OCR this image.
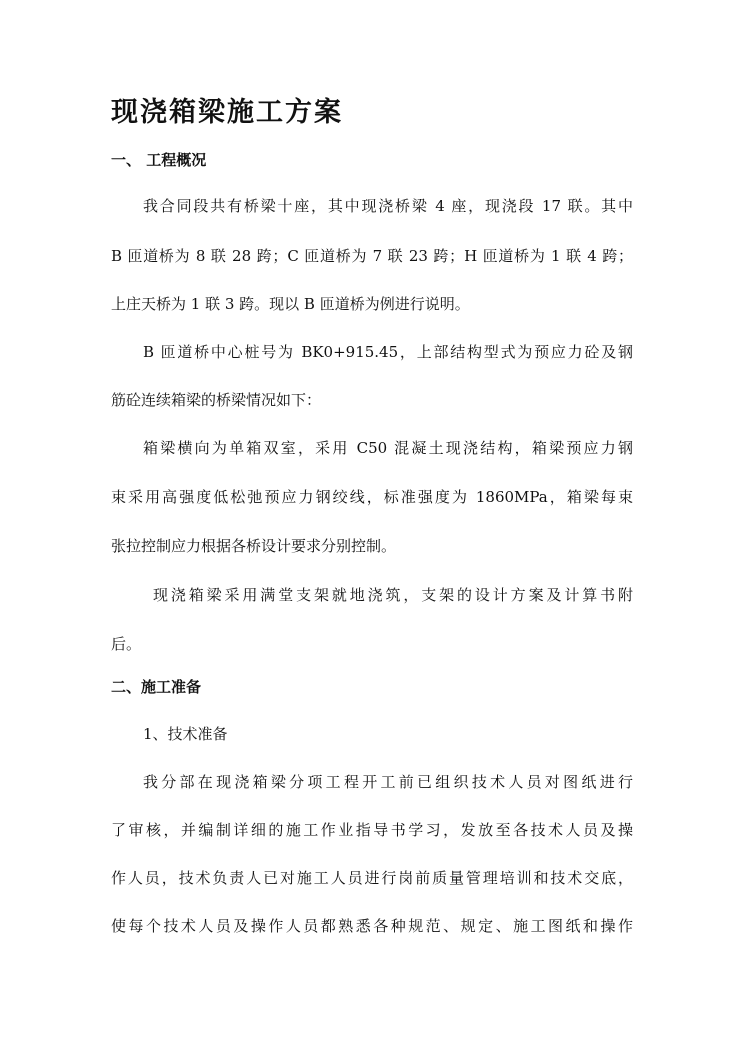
现浇箱梁施工方案
一、 工程概况

我合同段共有桥梁十座，其中现浇桥梁 4 座，现浇段 17 联。其中

B 匝道桥为 8 联 28 跨；C 匝道桥为 7 联 23 跨；H 匝道桥为 1 联 4 跨；

上庄天桥为 1 联 3 跨。现以 B 匝道桥为例进行说明。

B 匝道桥中心桩号为 BK0+915.45，上部结构型式为预应力砼及钢

筋砼连续箱梁的桥梁情况如下：

箱梁横向为单箱双室，采用 C50 混凝土现浇结构，箱梁预应力钢

束采用高强度低松弛预应力钢绞线，标准强度为 1860MPa，箱梁每束

张拉控制应力根据各桥设计要求分别控制。

现浇箱梁采用满堂支架就地浇筑，支架的设计方案及计算书附

后。

二、施工准备

1、技术准备

我分部在现浇箱梁分项工程开工前已组织技术人员对图纸进行

了审核，并编制详细的施工作业指导书学习，发放至各技术人员及操

作人员，技术负责人已对施工人员进行岗前质量管理培训和技术交底，

使每个技术人员及操作人员都熟悉各种规范、规定、施工图纸和操作
